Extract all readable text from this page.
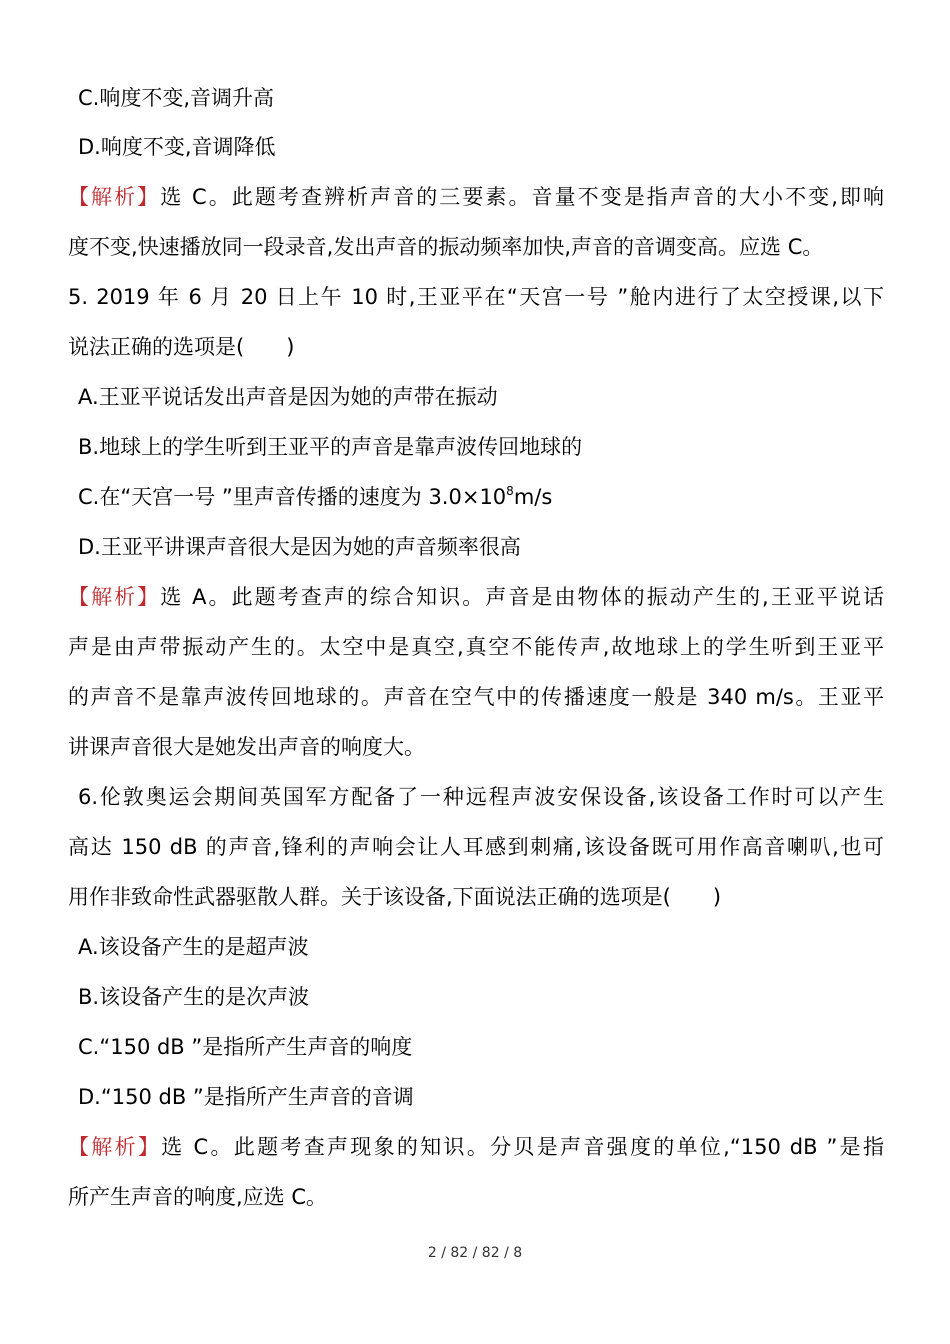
C.响度不变,音调升高
D.响度不变,音调降低
【解析】选 C。此题考查辨析声音的三要素。音量不变是指声音的大小不变,即响
度不变,快速播放同一段录音,发出声音的振动频率加快,声音的音调变高。应选 C。
5. 2019 年 6 月 20 日上午 10 时,王亚平在“天宫一号 ”舱内进行了太空授课,以下
说法正确的选项是(　　)
A.王亚平说话发出声音是因为她的声带在振动
B.地球上的学生听到王亚平的声音是靠声波传回地球的
C.在“天宫一号 ”里声音传播的速度为 $3.0\times 10^8m/s$
D.王亚平讲课声音很大是因为她的声音频率很高
【解析】选 A。此题考查声的综合知识。声音是由物体的振动产生的,王亚平说话
声是由声带振动产生的。太空中是真空,真空不能传声,故地球上的学生听到王亚平
的声音不是靠声波传回地球的。声音在空气中的传播速度一般是 340 m/s。王亚平
讲课声音很大是她发出声音的响度大。
6.伦敦奥运会期间英国军方配备了一种远程声波安保设备,该设备工作时可以产生
高达 150 dB 的声音,锋利的声响会让人耳感到刺痛,该设备既可用作高音喇叭,也可
用作非致命性武器驱散人群。关于该设备,下面说法正确的选项是(　　)
A.该设备产生的是超声波
B.该设备产生的是次声波
C.“150 dB ”是指所产生声音的响度
D.“150 dB ”是指所产生声音的音调
【解析】选 C。此题考查声现象的知识。分贝是声音强度的单位,“150 dB ”是指
所产生声音的响度,应选 C。
2 / 82 / 82 / 8
